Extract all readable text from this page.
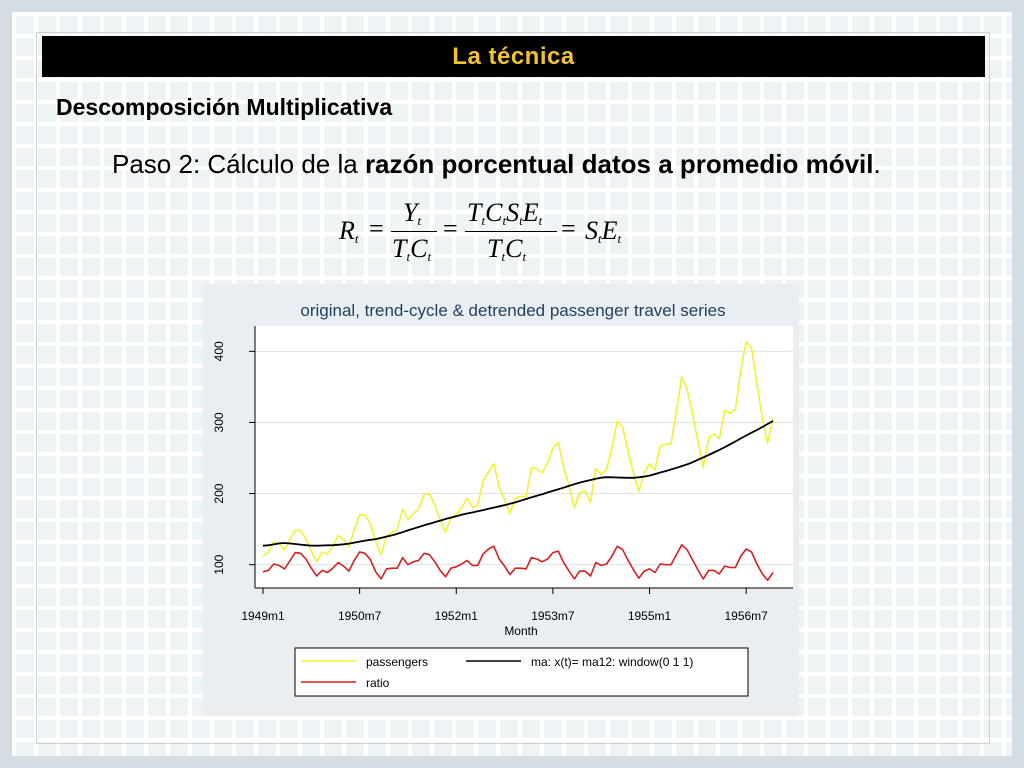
La técnica
Descomposición Multiplicativa
Paso 2: Cálculo de la razón porcentual datos a promedio móvil.
$R_t$ =
$Y_t$
$T_tC_t$
=
$T_tC_tS_tE_t$
$T_tC_t$
= $S_tE_t$
100
200
300
400
1949m1	1950m7	1952m1	1953m7	1955m1	1956m7
original, trend-cycle & detrended passenger travel series
Month
passengers	ma: x(t)= ma12: window(0 1 1)
ratio
